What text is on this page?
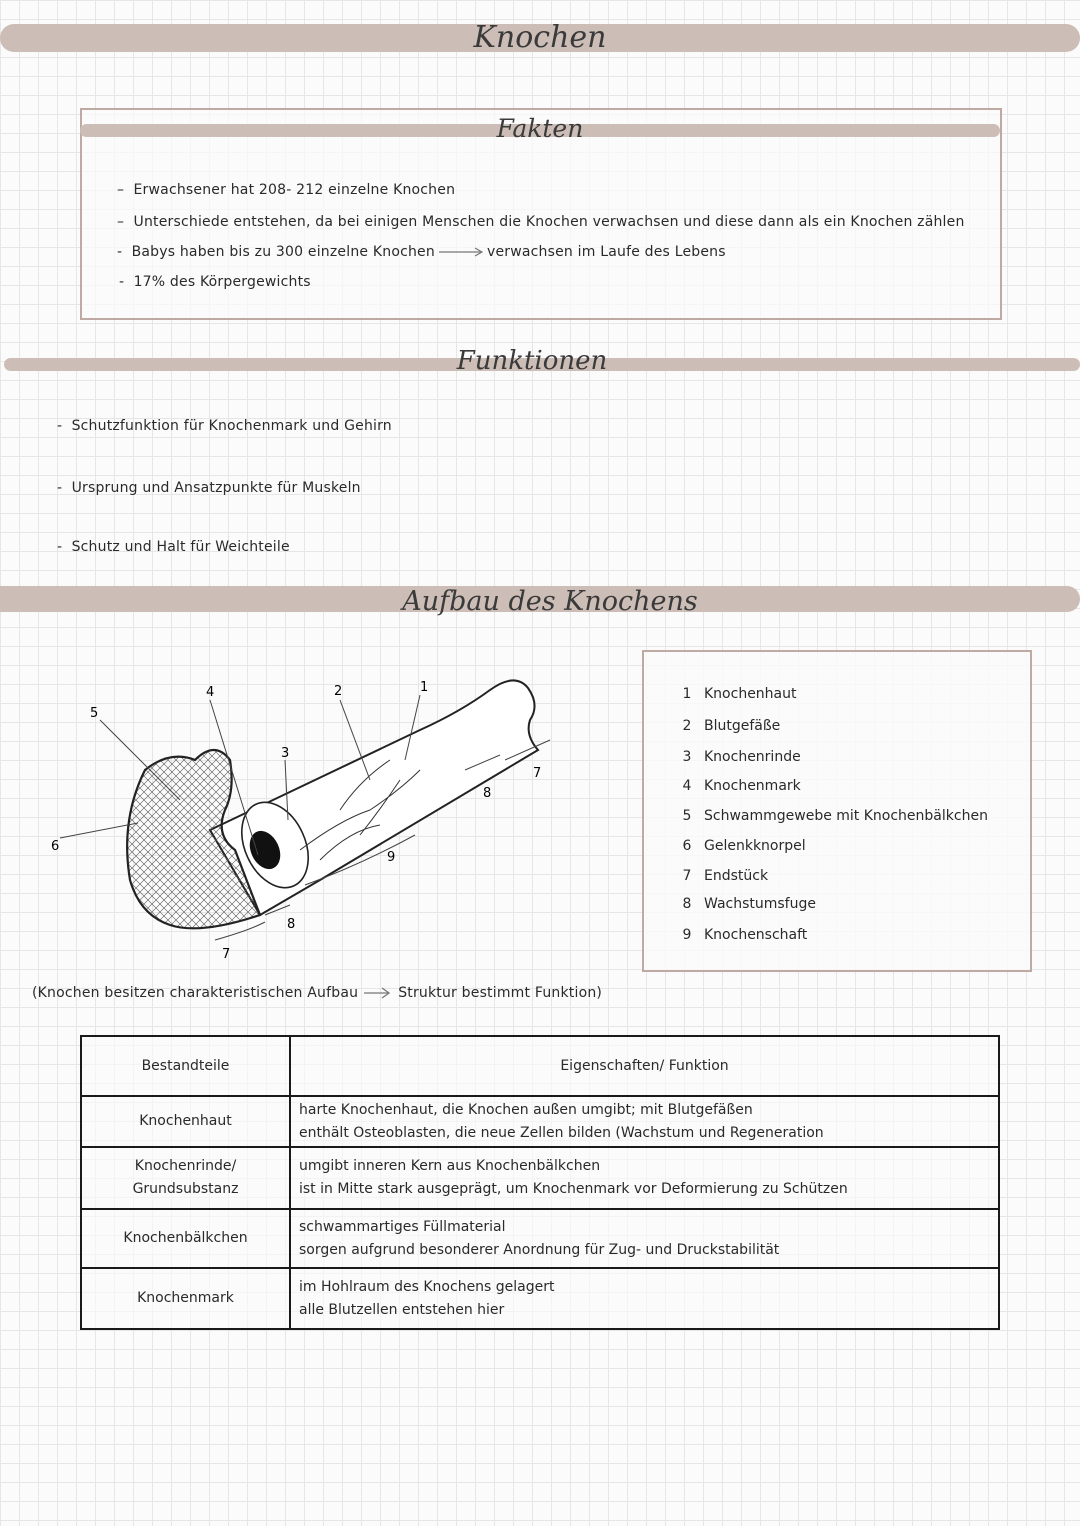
Knochen
Fakten
–  Erwachsener hat 208- 212 einzelne Knochen
–  Unterschiede entstehen, da bei einigen Menschen die Knochen verwachsen und diese dann als ein Knochen zählen
-  Babys haben bis zu 300 einzelne Knochen	verwachsen im Laufe des Lebens
-  17% des Körpergewichts
Funktionen
-  Schutzfunktion für Knochenmark und Gehirn
-  Ursprung und Ansatzpunkte für Muskeln
-  Schutz und Halt für Weichteile
Aufbau des Knochens
1
2
3
4
5
6
7
8
9
8
7
1 Knochenhaut
2 Blutgefäße
3 Knochenrinde
4 Knochenmark
5 Schwammgewebe mit Knochenbälkchen
6 Gelenkknorpel
7 Endstück
8 Wachstumsfuge
9 Knochenschaft
(Knochen besitzen charakteristischen Aufbau	Struktur bestimmt Funktion)
Bestandteile	Eigenschaften/ Funktion
Knochenhaut	harte Knochenhaut, die Knochen außen umgibt; mit Blutgefäßen
enthält Osteoblasten, die neue Zellen bilden (Wachstum und Regeneration
Knochenrinde/
Grundsubstanz	umgibt inneren Kern aus Knochenbälkchen
ist in Mitte stark ausgeprägt, um Knochenmark vor Deformierung zu Schützen
Knochenbälkchen	schwammartiges Füllmaterial
sorgen aufgrund besonderer Anordnung für Zug- und Druckstabilität
Knochenmark	im Hohlraum des Knochens gelagert
alle Blutzellen entstehen hier
